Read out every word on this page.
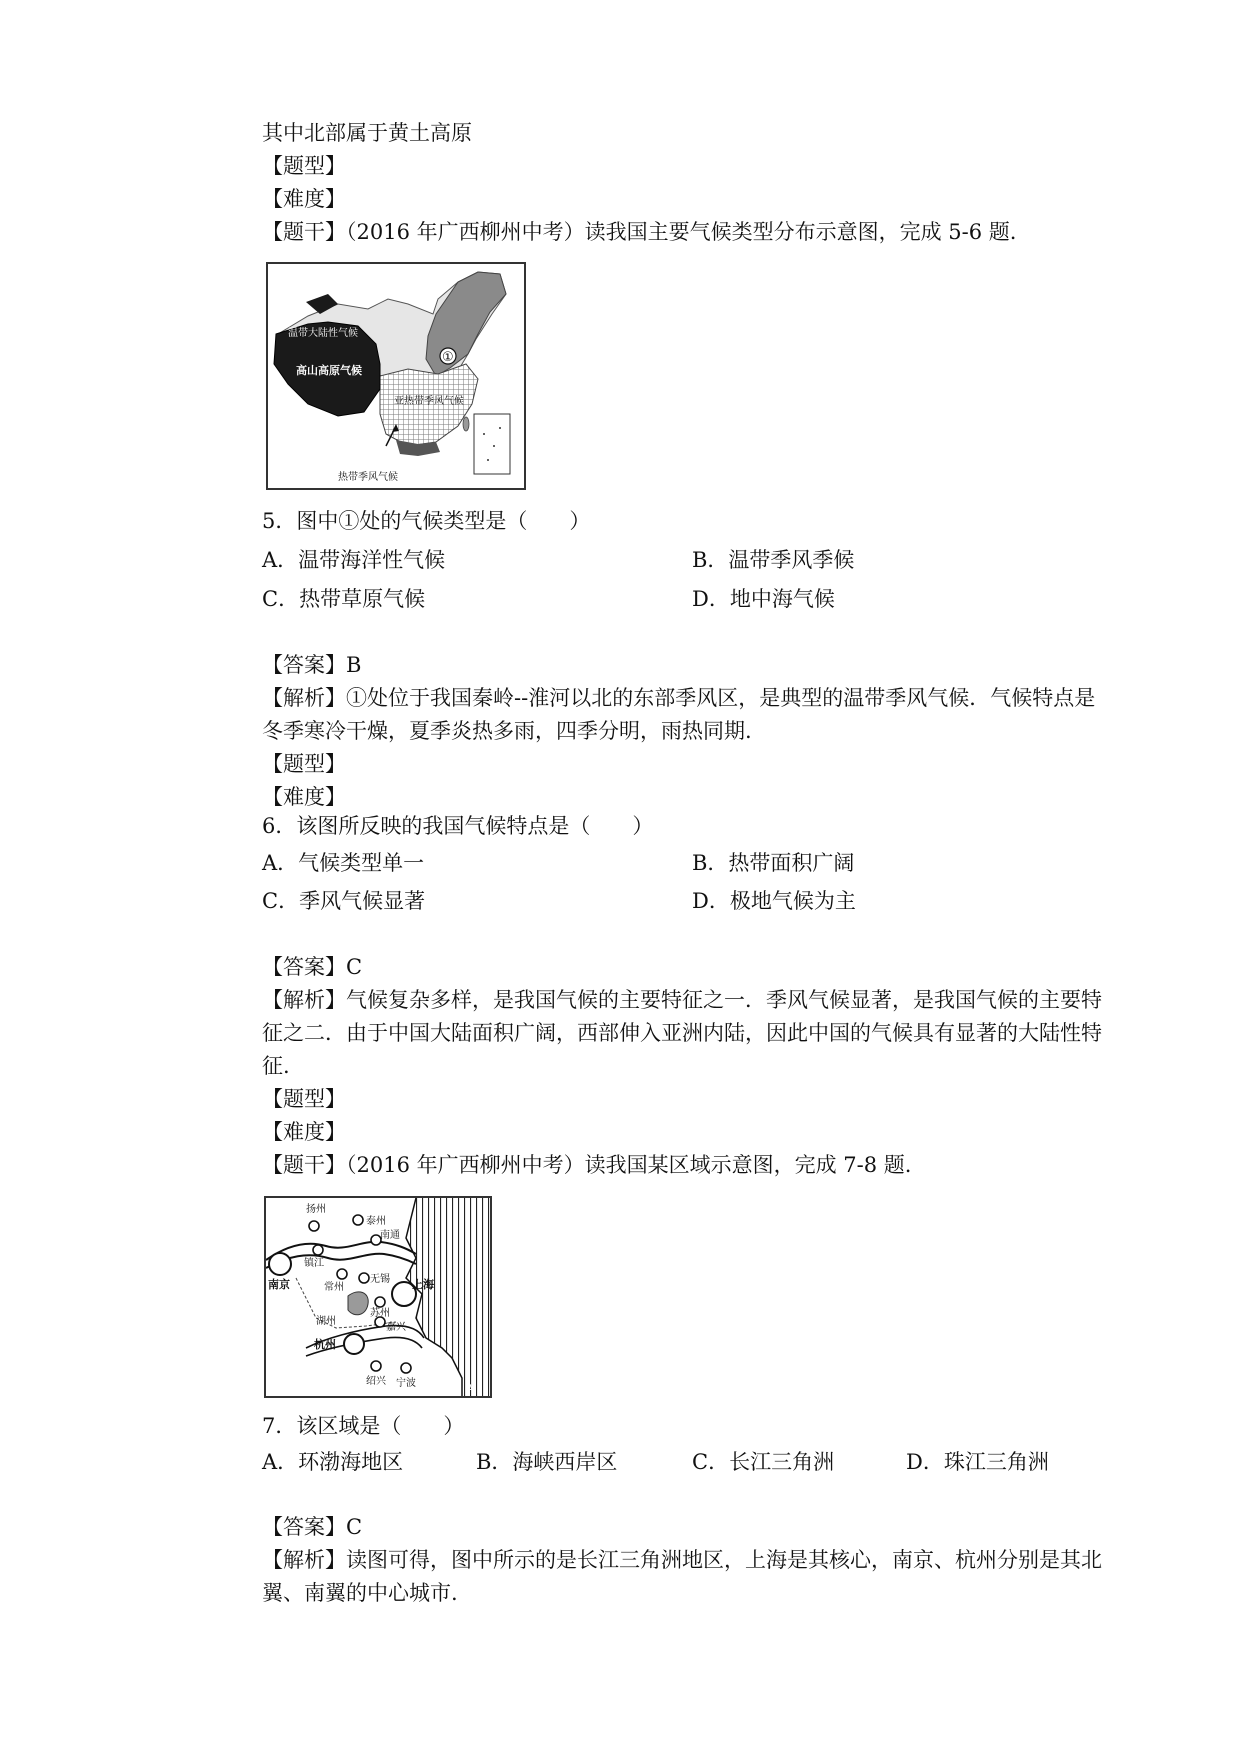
其中北部属于黄土高原
【题型】
【难度】
【题干】（2016 年广西柳州中考）读我国主要气候类型分布示意图，完成 5-6 题.
温带大陆性气候
高山高原气候
亚热带季风气候
热带季风气候
①
5．图中①处的气候类型是（　　）
A．温带海洋性气候	B．温带季风季候
C．热带草原气候	D．地中海气候
【答案】B
【解析】①处位于我国秦岭--淮河以北的东部季风区，是典型的温带季风气候．气候特点是
冬季寒冷干燥，夏季炎热多雨，四季分明，雨热同期.
【题型】
【难度】
6．该图所反映的我国气候特点是（　　）
A．气候类型单一	B．热带面积广阔
C．季风气候显著	D．极地气候为主
【答案】C
【解析】气候复杂多样，是我国气候的主要特征之一．季风气候显著，是我国气候的主要特
征之二．由于中国大陆面积广阔，西部伸入亚洲内陆，因此中国的气候具有显著的大陆性特
征.
【题型】
【难度】
【题干】（2016 年广西柳州中考）读我国某区域示意图，完成 7-8 题.
扬州
泰州
南通
镇江
南京	常州
无锡 上海
苏州
湖州
嘉兴
杭州
绍兴 宁波	A
7．该区域是（　　）
A．环渤海地区	B．海峡西岸区	C．长江三角洲	D．珠江三角洲
【答案】C
【解析】读图可得，图中所示的是长江三角洲地区，上海是其核心，南京、杭州分别是其北
翼、南翼的中心城市.
